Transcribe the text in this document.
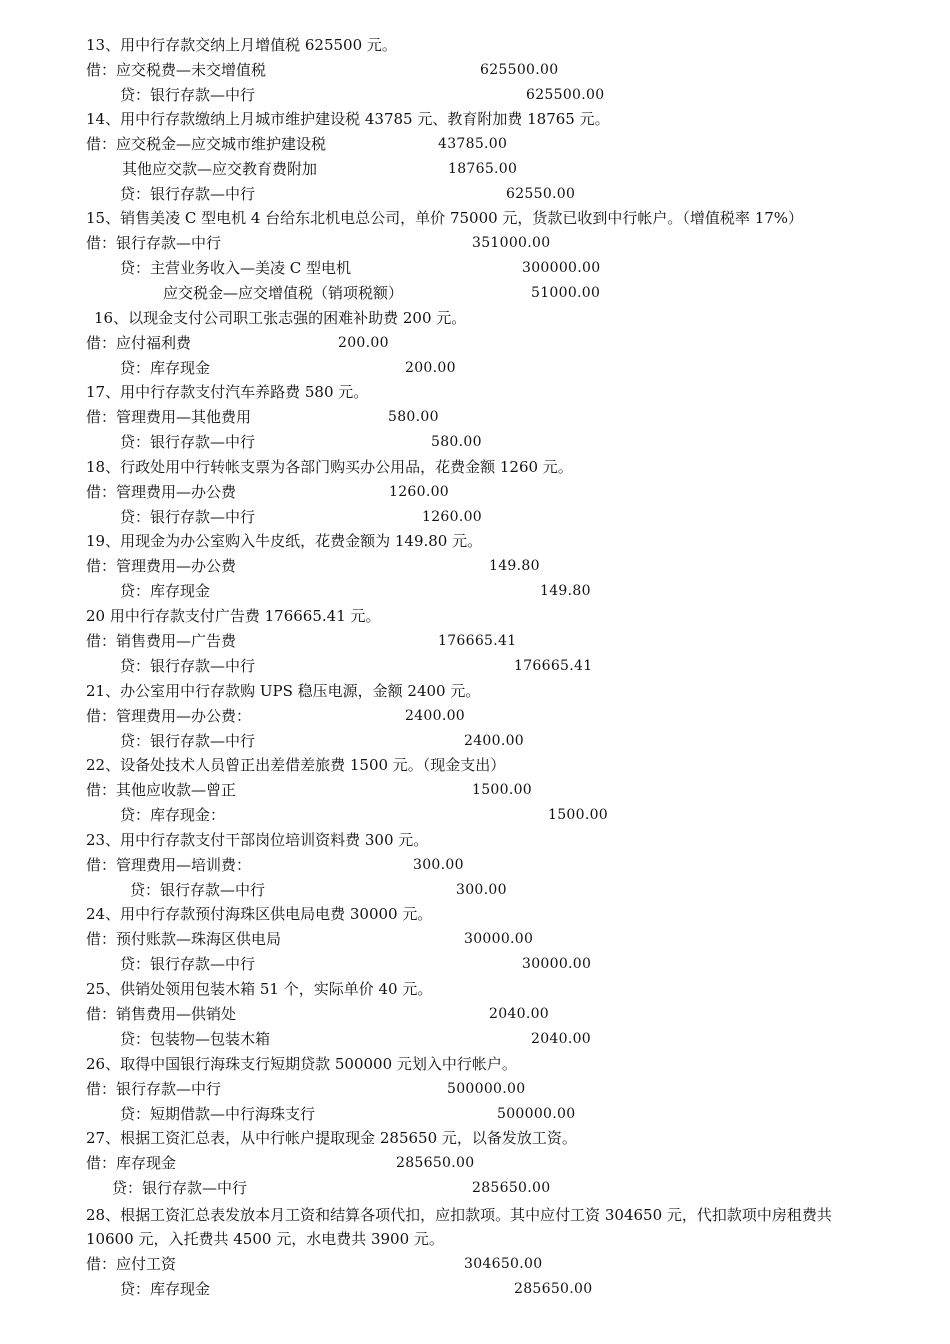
13、用中行存款交纳上月增值税 625500 元。
借：应交税费—未交增值税	625500.00
贷：银行存款—中行	625500.00
14、用中行存款缴纳上月城市维护建设税 43785 元、教育附加费 18765 元。
借：应交税金—应交城市维护建设税	43785.00
其他应交款—应交教育费附加	18765.00
贷：银行存款—中行	62550.00
15、销售美凌 C 型电机 4 台给东北机电总公司，单价 75000 元，货款已收到中行帐户。（增值税率 17%）
借：银行存款—中行	351000.00
贷：主营业务收入—美凌 C 型电机	300000.00
应交税金—应交增值税（销项税额）	51000.00
16、以现金支付公司职工张志强的困难补助费 200 元。
借：应付福利费	200.00
贷：库存现金	200.00
17、用中行存款支付汽车养路费 580 元。
借：管理费用—其他费用	580.00
贷：银行存款—中行	580.00
18、行政处用中行转帐支票为各部门购买办公用品，花费金额 1260 元。
借：管理费用—办公费	1260.00
贷：银行存款—中行	1260.00
19、用现金为办公室购入牛皮纸，花费金额为 149.80 元。
借：管理费用—办公费	149.80
贷：库存现金	149.80
20 用中行存款支付广告费 176665.41 元。
借：销售费用—广告费	176665.41
贷：银行存款—中行	176665.41
21、办公室用中行存款购 UPS 稳压电源，金额 2400 元。
借：管理费用—办公费：	2400.00
贷：银行存款—中行	2400.00
22、设备处技术人员曾正出差借差旅费 1500 元。（现金支出）
借：其他应收款—曾正	1500.00
贷：库存现金：	1500.00
23、用中行存款支付干部岗位培训资料费 300 元。
借：管理费用—培训费：	300.00
贷：银行存款—中行	300.00
24、用中行存款预付海珠区供电局电费 30000 元。
借：预付账款—珠海区供电局	30000.00
贷：银行存款—中行	30000.00
25、供销处领用包装木箱 51 个，实际单价 40 元。
借：销售费用—供销处	2040.00
贷：包装物—包装木箱	2040.00
26、取得中国银行海珠支行短期贷款 500000 元划入中行帐户。
借：银行存款—中行	500000.00
贷：短期借款—中行海珠支行	500000.00
27、根据工资汇总表，从中行帐户提取现金 285650 元，以备发放工资。
借：库存现金	285650.00
贷：银行存款—中行	285650.00
28、根据工资汇总表发放本月工资和结算各项代扣，应扣款项。其中应付工资 304650 元，代扣款项中房租费共 10600 元，入托费共 4500 元，水电费共 3900 元。
借：应付工资	304650.00
贷：库存现金	285650.00
